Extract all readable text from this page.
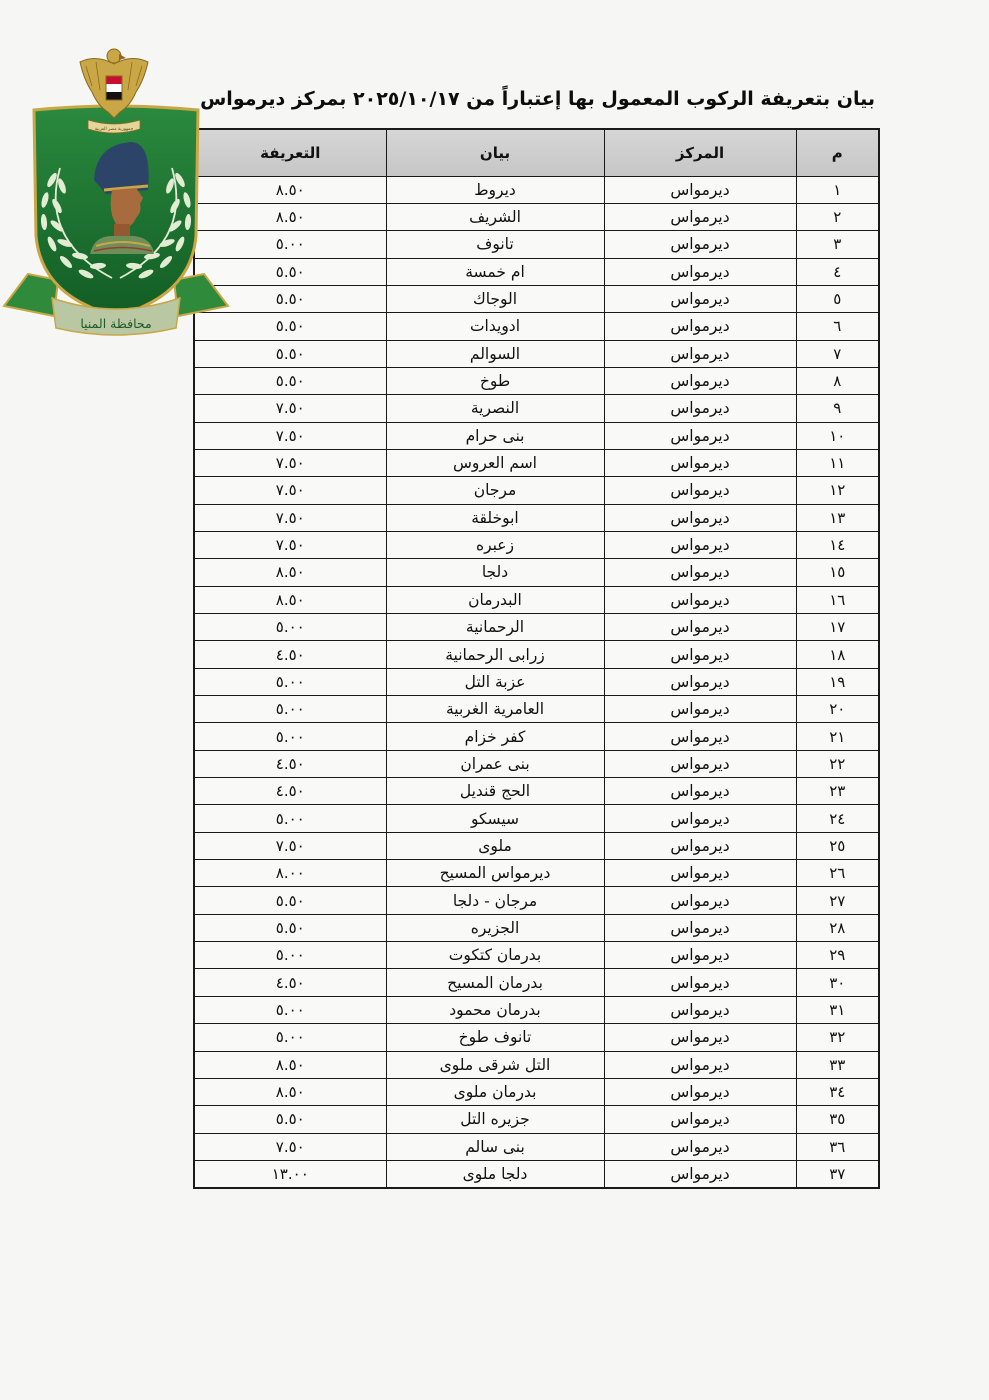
محافظة المنيا
جمهورية مصر العربية
بيان بتعريفة الركوب المعمول بها إعتباراً من ٢٠٢٥/١٠/١٧ بمركز ديرمواس
م	المركز	بيان	التعريفة
١	ديرمواس	ديروط	٨.٥٠
٢	ديرمواس	الشريف	٨.٥٠
٣	ديرمواس	تانوف	٥.٠٠
٤	ديرمواس	ام خمسة	٥.٥٠
٥	ديرمواس	الوجاك	٥.٥٠
٦	ديرمواس	ادويدات	٥.٥٠
٧	ديرمواس	السوالم	٥.٥٠
٨	ديرمواس	طوخ	٥.٥٠
٩	ديرمواس	النصرية	٧.٥٠
١٠	ديرمواس	بنى حرام	٧.٥٠
١١	ديرمواس	اسم العروس	٧.٥٠
١٢	ديرمواس	مرجان	٧.٥٠
١٣	ديرمواس	ابوخلقة	٧.٥٠
١٤	ديرمواس	زعبره	٧.٥٠
١٥	ديرمواس	دلجا	٨.٥٠
١٦	ديرمواس	البدرمان	٨.٥٠
١٧	ديرمواس	الرحمانية	٥.٠٠
١٨	ديرمواس	زرابى الرحمانية	٤.٥٠
١٩	ديرمواس	عزبة التل	٥.٠٠
٢٠	ديرمواس	العامرية الغربية	٥.٠٠
٢١	ديرمواس	كفر خزام	٥.٠٠
٢٢	ديرمواس	بنى عمران	٤.٥٠
٢٣	ديرمواس	الحج قنديل	٤.٥٠
٢٤	ديرمواس	سيسكو	٥.٠٠
٢٥	ديرمواس	ملوى	٧.٥٠
٢٦	ديرمواس	ديرمواس المسيح	٨.٠٠
٢٧	ديرمواس	مرجان - دلجا	٥.٥٠
٢٨	ديرمواس	الجزيره	٥.٥٠
٢٩	ديرمواس	بدرمان كتكوت	٥.٠٠
٣٠	ديرمواس	بدرمان المسيح	٤.٥٠
٣١	ديرمواس	بدرمان محمود	٥.٠٠
٣٢	ديرمواس	تانوف طوخ	٥.٠٠
٣٣	ديرمواس	التل شرقى ملوى	٨.٥٠
٣٤	ديرمواس	بدرمان ملوى	٨.٥٠
٣٥	ديرمواس	جزيره التل	٥.٥٠
٣٦	ديرمواس	بنى سالم	٧.٥٠
٣٧	ديرمواس	دلجا ملوى	١٣.٠٠
